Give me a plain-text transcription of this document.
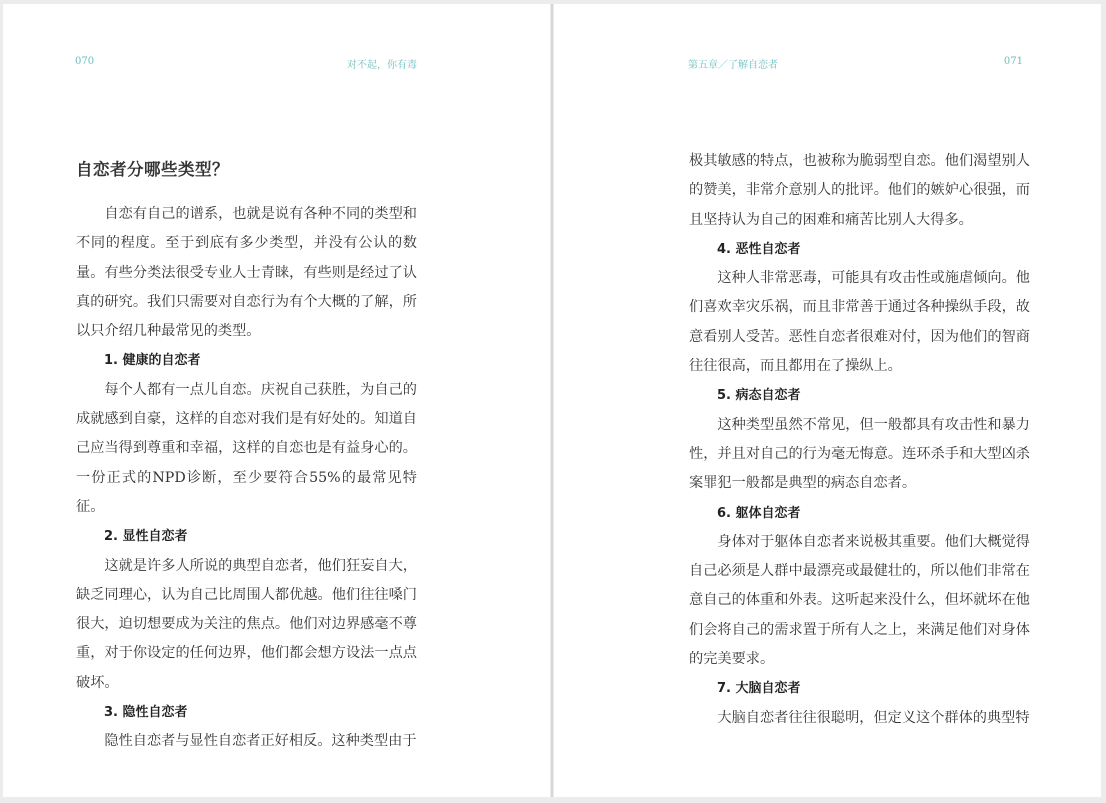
070	对不起，你有毒
自恋者分哪些类型？

自恋有自己的谱系，也就是说有各种不同的类型和不同的程度。至于到底有多少类型，并没有公认的数量。有些分类法很受专业人士青睐，有些则是经过了认真的研究。我们只需要对自恋行为有个大概的了解，所以只介绍几种最常见的类型。

1. 健康的自恋者

每个人都有一点儿自恋。庆祝自己获胜，为自己的成就感到自豪，这样的自恋对我们是有好处的。知道自己应当得到尊重和幸福，这样的自恋也是有益身心的。一份正式的NPD诊断，至少要符合55%的最常见特征。

2. 显性自恋者

这就是许多人所说的典型自恋者，他们狂妄自大，缺乏同理心，认为自己比周围人都优越。他们往往嗓门很大，迫切想要成为关注的焦点。他们对边界感毫不尊重，对于你设定的任何边界，他们都会想方设法一点点破坏。

3. 隐性自恋者

隐性自恋者与显性自恋者正好相反。这种类型由于

第五章／了解自恋者	071

极其敏感的特点，也被称为脆弱型自恋。他们渴望别人的赞美，非常介意别人的批评。他们的嫉妒心很强，而且坚持认为自己的困难和痛苦比别人大得多。

4. 恶性自恋者

这种人非常恶毒，可能具有攻击性或施虐倾向。他们喜欢幸灾乐祸，而且非常善于通过各种操纵手段，故意看别人受苦。恶性自恋者很难对付，因为他们的智商往往很高，而且都用在了操纵上。

5. 病态自恋者

这种类型虽然不常见，但一般都具有攻击性和暴力性，并且对自己的行为毫无悔意。连环杀手和大型凶杀案罪犯一般都是典型的病态自恋者。

6. 躯体自恋者

身体对于躯体自恋者来说极其重要。他们大概觉得自己必须是人群中最漂亮或最健壮的，所以他们非常在意自己的体重和外表。这听起来没什么，但坏就坏在他们会将自己的需求置于所有人之上，来满足他们对身体的完美要求。

7. 大脑自恋者

大脑自恋者往往很聪明，但定义这个群体的典型特
